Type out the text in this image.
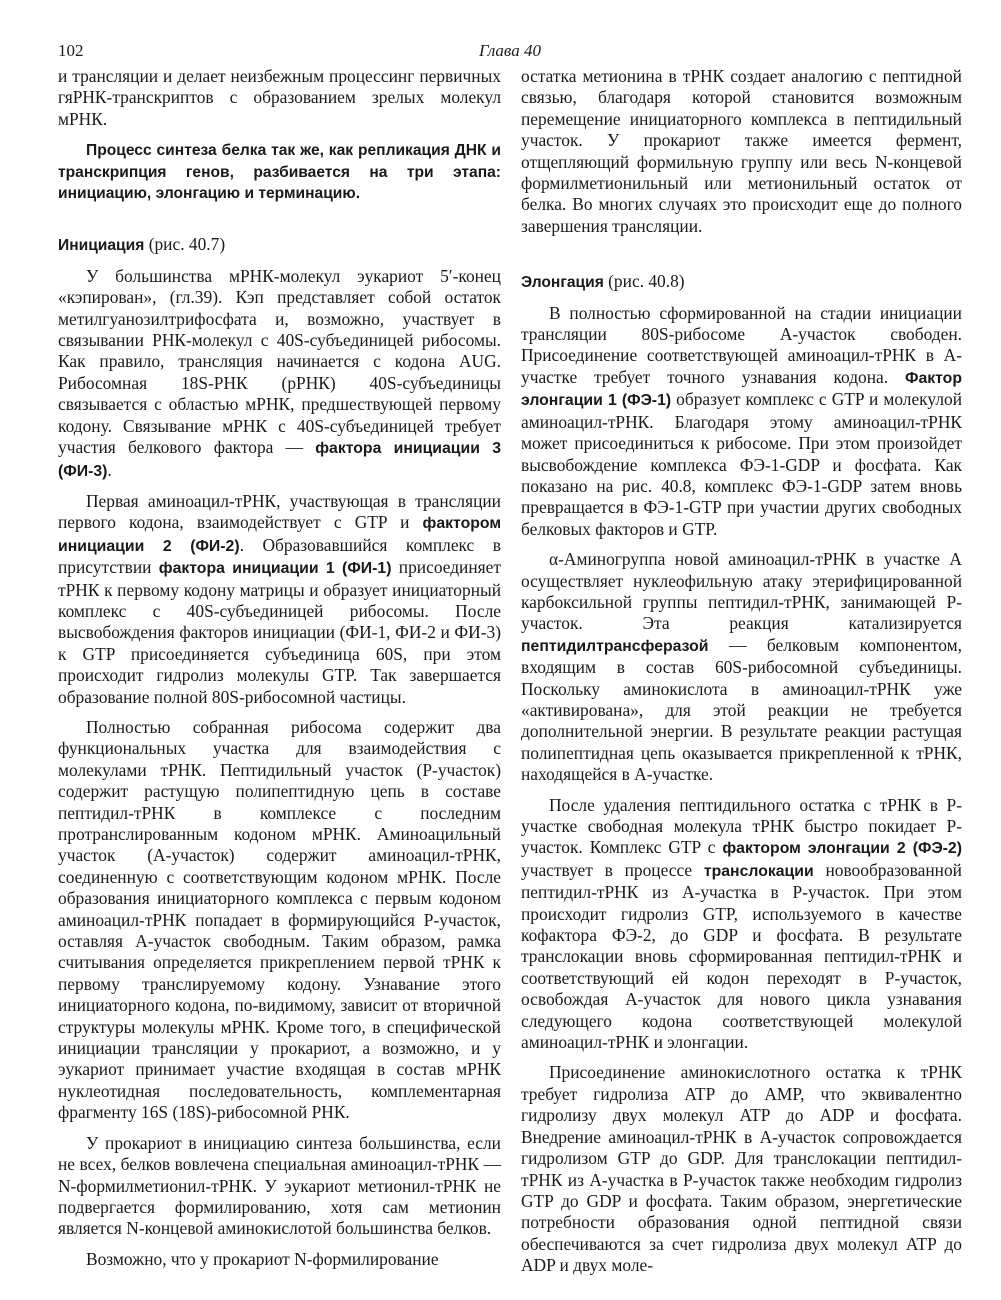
102	Глава 40

и трансляции и делает неизбежным процессинг первичных гяРНК-транскриптов с образованием зрелых молекул мРНК.

Процесс синтеза белка так же, как репликация ДНК и транскрипция генов, разбивается на три этапа: инициацию, элонгацию и терминацию.

Инициация (рис. 40.7)

У большинства мРНК-молекул эукариот 5′-конец «кэпирован», (гл.39). Кэп представляет собой остаток метилгуанозилтрифосфата и, возможно, участвует в связывании РНК-молекул с 40S-субъединицей рибосомы. Как правило, трансляция начинается с кодона AUG. Рибосомная 18S-РНК (рРНК) 40S-субъединицы связывается с областью мРНК, предшествующей первому кодону. Связывание мРНК с 40S-субъединицей требует участия белкового фактора — фактора инициации 3 (ФИ-3).

Первая аминоацил-тРНК, участвующая в трансляции первого кодона, взаимодействует с GTP и фактором инициации 2 (ФИ-2). Образовавшийся комплекс в присутствии фактора инициации 1 (ФИ-1) присоединяет тРНК к первому кодону матрицы и образует инициаторный комплекс с 40S-субъединицей рибосомы. После высвобождения факторов инициации (ФИ-1, ФИ-2 и ФИ-3) к GTP присоединяется субъединица 60S, при этом происходит гидролиз молекулы GTP. Так завершается образование полной 80S-рибосомной частицы.

Полностью собранная рибосома содержит два функциональных участка для взаимодействия с молекулами тРНК. Пептидильный участок (Р-участок) содержит растущую полипептидную цепь в составе пептидил-тРНК в комплексе с последним протранслированным кодоном мРНК. Аминоацильный участок (А-участок) содержит аминоацил-тРНК, соединенную с соответствующим кодоном мРНК. После образования инициаторного комплекса с первым кодоном аминоацил-тРНК попадает в формирующийся Р-участок, оставляя А-участок свободным. Таким образом, рамка считывания определяется прикреплением первой тРНК к первому транслируемому кодону. Узнавание этого инициаторного кодона, по-видимому, зависит от вторичной структуры молекулы мРНК. Кроме того, в специфической инициации трансляции у прокариот, а возможно, и у эукариот принимает участие входящая в состав мРНК нуклеотидная последовательность, комплементарная фрагменту 16S (18S)-рибосомной РНК.

У прокариот в инициацию синтеза большинства, если не всех, белков вовлечена специальная аминоацил-тРНК — N-формилметионил-тРНК. У эукариот метионил-тРНК не подвергается формилированию, хотя сам метионин является N-концевой аминокислотой большинства белков.

Возможно, что у прокариот N-формилирование

остатка метионина в тРНК создает аналогию с пептидной связью, благодаря которой становится возможным перемещение инициаторного комплекса в пептидильный участок. У прокариот также имеется фермент, отщепляющий формильную группу или весь N-концевой формилметионильный или метионильный остаток от белка. Во многих случаях это происходит еще до полного завершения трансляции.

Элонгация (рис. 40.8)

В полностью сформированной на стадии инициации трансляции 80S-рибосоме А-участок свободен. Присоединение соответствующей аминоацил-тРНК в А-участке требует точного узнавания кодона. Фактор элонгации 1 (ФЭ-1) образует комплекс с GTP и молекулой аминоацил-тРНК. Благодаря этому аминоацил-тРНК может присоединиться к рибосоме. При этом произойдет высвобождение комплекса ФЭ-1-GDP и фосфата. Как показано на рис. 40.8, комплекс ФЭ-1-GDP затем вновь превращается в ФЭ-1-GTP при участии других свободных белковых факторов и GTP.

α-Аминогруппа новой аминоацил-тРНК в участке А осуществляет нуклеофильную атаку этерифицированной карбоксильной группы пептидил-тРНК, занимающей Р-участок. Эта реакция катализируется пептидилтрансферазой — белковым компонентом, входящим в состав 60S-рибосомной субъединицы. Поскольку аминокислота в аминоацил-тРНК уже «активирована», для этой реакции не требуется дополнительной энергии. В результате реакции растущая полипептидная цепь оказывается прикрепленной к тРНК, находящейся в А-участке.

После удаления пептидильного остатка с тРНК в Р-участке свободная молекула тРНК быстро покидает Р-участок. Комплекс GTP с фактором элонгации 2 (ФЭ-2) участвует в процессе транслокации новообразованной пептидил-тРНК из А-участка в Р-участок. При этом происходит гидролиз GTP, используемого в качестве кофактора ФЭ-2, до GDP и фосфата. В результате транслокации вновь сформированная пептидил-тРНК и соответствующий ей кодон переходят в Р-участок, освобождая А-участок для нового цикла узнавания следующего кодона соответствующей молекулой аминоацил-тРНК и элонгации.

Присоединение аминокислотного остатка к тРНК требует гидролиза ATP до AMP, что эквивалентно гидролизу двух молекул ATP до ADP и фосфата. Внедрение аминоацил-тРНК в А-участок сопровождается гидролизом GTP до GDP. Для транслокации пептидил-тРНК из А-участка в Р-участок также необходим гидролиз GTP до GDP и фосфата. Таким образом, энергетические потребности образования одной пептидной связи обеспечиваются за счет гидролиза двух молекул ATP до ADP и двух моле-
